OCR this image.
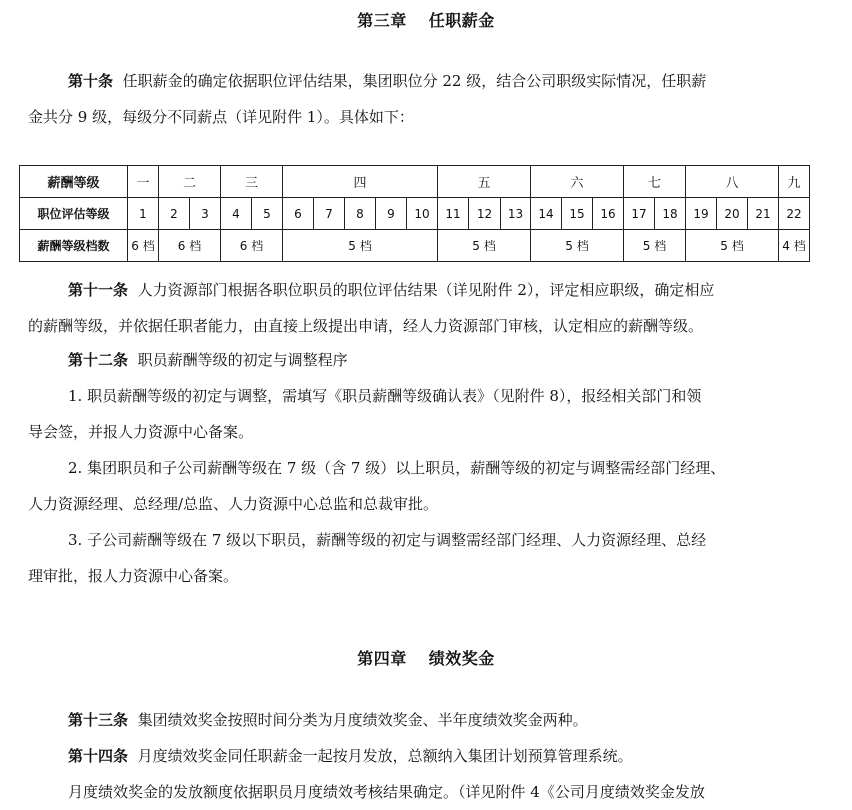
第三章 任职薪金
第十条 任职薪金的确定依据职位评估结果，集团职位分 22 级，结合公司职级实际情况，任职薪
金共分 9 级，每级分不同薪点（详见附件 1）。具体如下：
薪酬等级	一	二		三		四					五			六			七		八			九
职位评估等级	1	2	3	4	5	6	7	8	9	10	11	12	13	14	15	16	17	18	19	20	21	22
薪酬等级档数	6 档	6 档		6 档		5 档					5 档			5 档			5 档		5 档			4 档
第十一条 人力资源部门根据各职位职员的职位评估结果（详见附件 2），评定相应职级，确定相应
的薪酬等级，并依据任职者能力，由直接上级提出申请，经人力资源部门审核，认定相应的薪酬等级。
第十二条 职员薪酬等级的初定与调整程序
1. 职员薪酬等级的初定与调整，需填写《职员薪酬等级确认表》（见附件 8），报经相关部门和领
导会签，并报人力资源中心备案。
2. 集团职员和子公司薪酬等级在 7 级（含 7 级）以上职员，薪酬等级的初定与调整需经部门经理、
人力资源经理、总经理/总监、人力资源中心总监和总裁审批。
3. 子公司薪酬等级在 7 级以下职员，薪酬等级的初定与调整需经部门经理、人力资源经理、总经
理审批，报人力资源中心备案。
第四章 绩效奖金
第十三条 集团绩效奖金按照时间分类为月度绩效奖金、半年度绩效奖金两种。
第十四条 月度绩效奖金同任职薪金一起按月发放，总额纳入集团计划预算管理系统。
月度绩效奖金的发放额度依据职员月度绩效考核结果确定。（详见附件 4《公司月度绩效奖金发放
